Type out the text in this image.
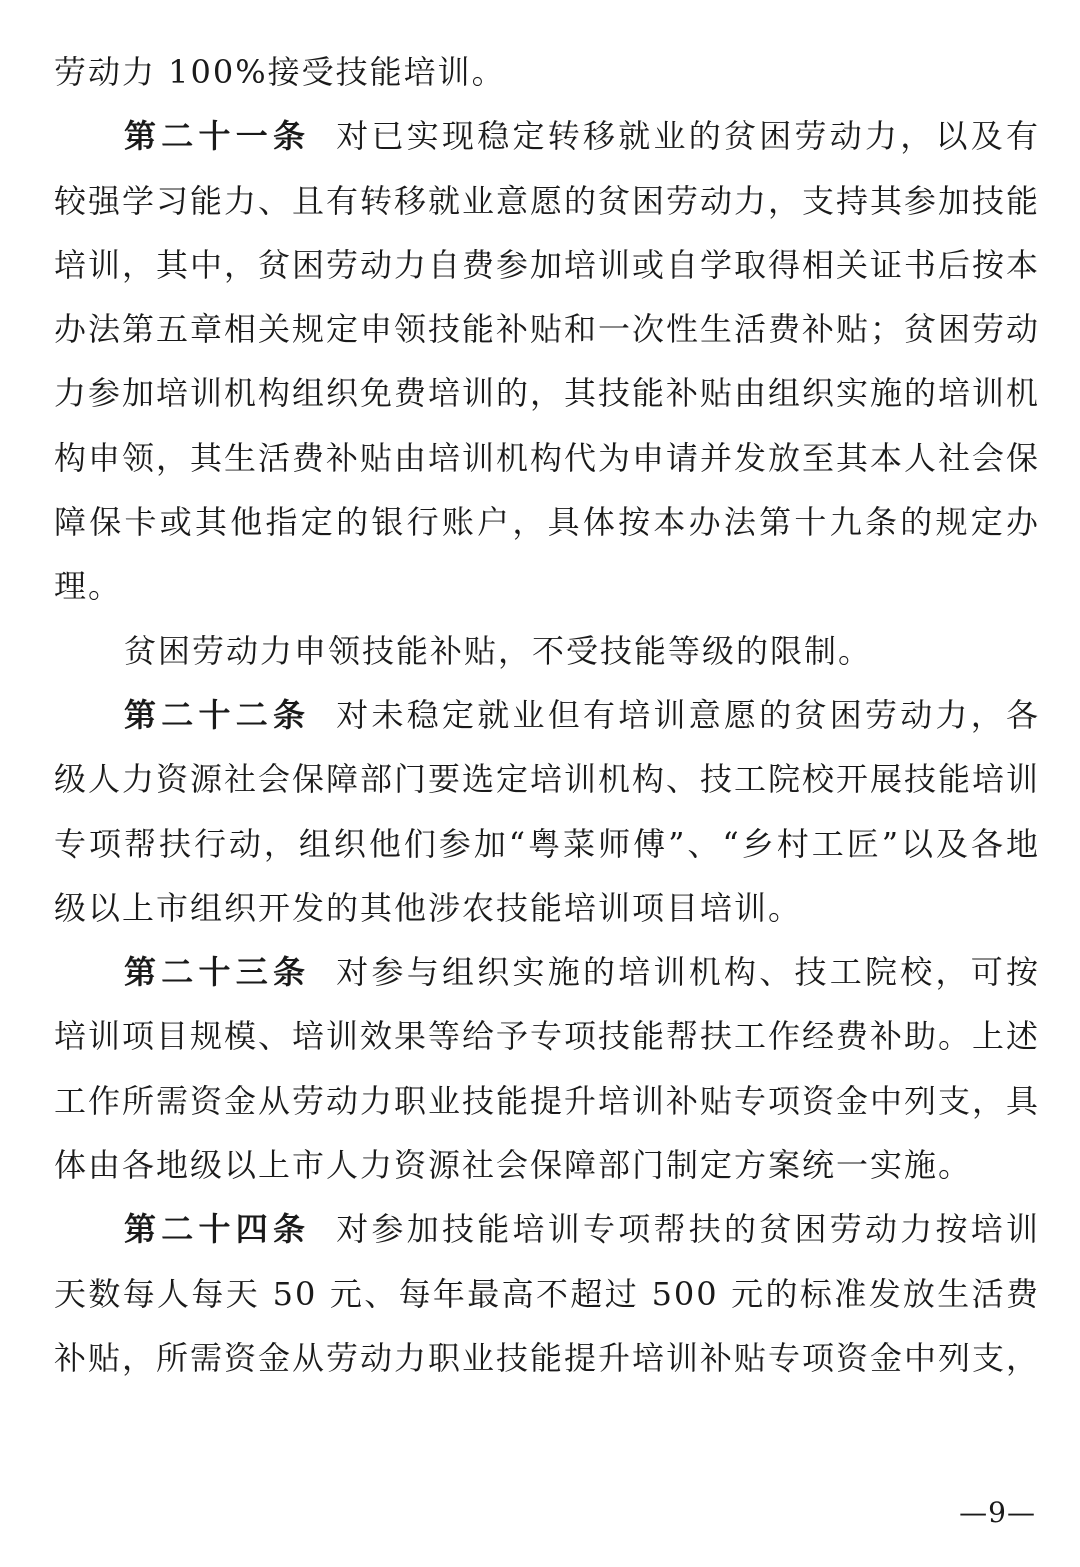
劳动力 100%接受技能培训。

第二十一条 对已实现稳定转移就业的贫困劳动力，以及有较强学习能力、且有转移就业意愿的贫困劳动力，支持其参加技能培训，其中，贫困劳动力自费参加培训或自学取得相关证书后按本办法第五章相关规定申领技能补贴和一次性生活费补贴；贫困劳动力参加培训机构组织免费培训的，其技能补贴由组织实施的培训机构申领，其生活费补贴由培训机构代为申请并发放至其本人社会保障保卡或其他指定的银行账户，具体按本办法第十九条的规定办理。

贫困劳动力申领技能补贴，不受技能等级的限制。

第二十二条 对未稳定就业但有培训意愿的贫困劳动力，各级人力资源社会保障部门要选定培训机构、技工院校开展技能培训专项帮扶行动，组织他们参加“粤菜师傅”、“乡村工匠”以及各地级以上市组织开发的其他涉农技能培训项目培训。

第二十三条 对参与组织实施的培训机构、技工院校，可按培训项目规模、培训效果等给予专项技能帮扶工作经费补助。上述工作所需资金从劳动力职业技能提升培训补贴专项资金中列支，具体由各地级以上市人力资源社会保障部门制定方案统一实施。

第二十四条 对参加技能培训专项帮扶的贫困劳动力按培训天数每人每天 50 元、每年最高不超过 500 元的标准发放生活费补贴，所需资金从劳动力职业技能提升培训补贴专项资金中列支，

—9—
